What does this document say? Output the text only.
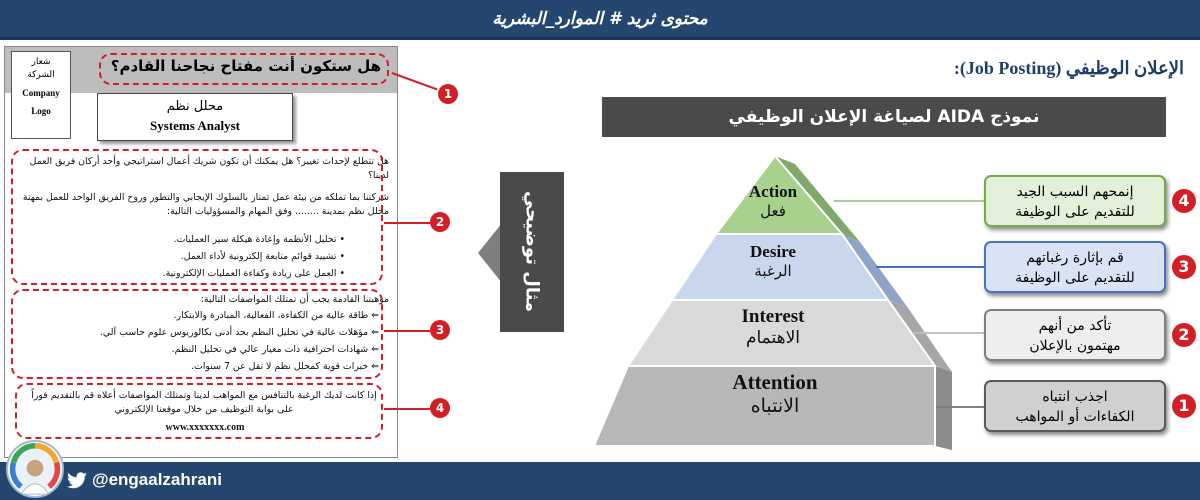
محتوى ثريد # الموارد_البشرية
شعار
الشركة
Company
Logo
هل ستكون أنت مفتاح نجاحنا القادم؟
محلل نظم
Systems Analyst
هل تتطلع لإحداث تغيير؟ هل يمكنك أن تكون شريك أعمال استراتيجي وأحد أركان فريق العمل لدينا؟
شركتنا بما تملكه من بيئة عمل تمتاز بالسلوك الإيجابي والتطور وروح الفريق الواحد للعمل بمهنة محلل نظم بمدينة ........ وفق المهام والمسؤوليات التالية:
• تحليل الأنظمة وإعادة هيكلة سير العمليات.
• تشييد قوائم متابعة إلكترونية لأداء العمل.
• العمل على زيادة وكفاءة العمليات الإلكترونية.
موهبتنا القادمة يجب أن تمتلك المواصفات التالية:
⇐ طاقة عالية من الكفاءة، الفعالية، المبادرة والابتكار.
⇐ مؤهلات عالية في تحليل النظم بحد أدنى بكالوريوس علوم حاسب آلي.
⇐ شهادات احترافية ذات معيار عالي في تحليل النظم.
⇐ خبرات قوية كمحلل نظم لا تقل عن 7 سنوات.
إذا كانت لديك الرغبة بالتنافس مع المواهب لدينا وتمتلك المواصفات أعلاه قم بالتقديم فوراً على بوابة التوظيف من خلال موقعنا الإلكتروني
www.xxxxxxx.com
1
2
3
4
مثال توضيحي
الإعلان الوظيفي (Job Posting):
نموذج AIDA لصياغة الإعلان الوظيفي
Action
فعل
Desire
الرغبة
Interest
الاهتمام
Attention
الانتباه
إنمحهم السبب الجيد
للتقديم على الوظيفة
4
قم بإثارة رغباتهم
للتقديم على الوظيفة
3
تأكد من أنهم
مهتمون بالإعلان
2
اجذب انتباه
الكفاءات أو المواهب
1
@engaalzahrani
